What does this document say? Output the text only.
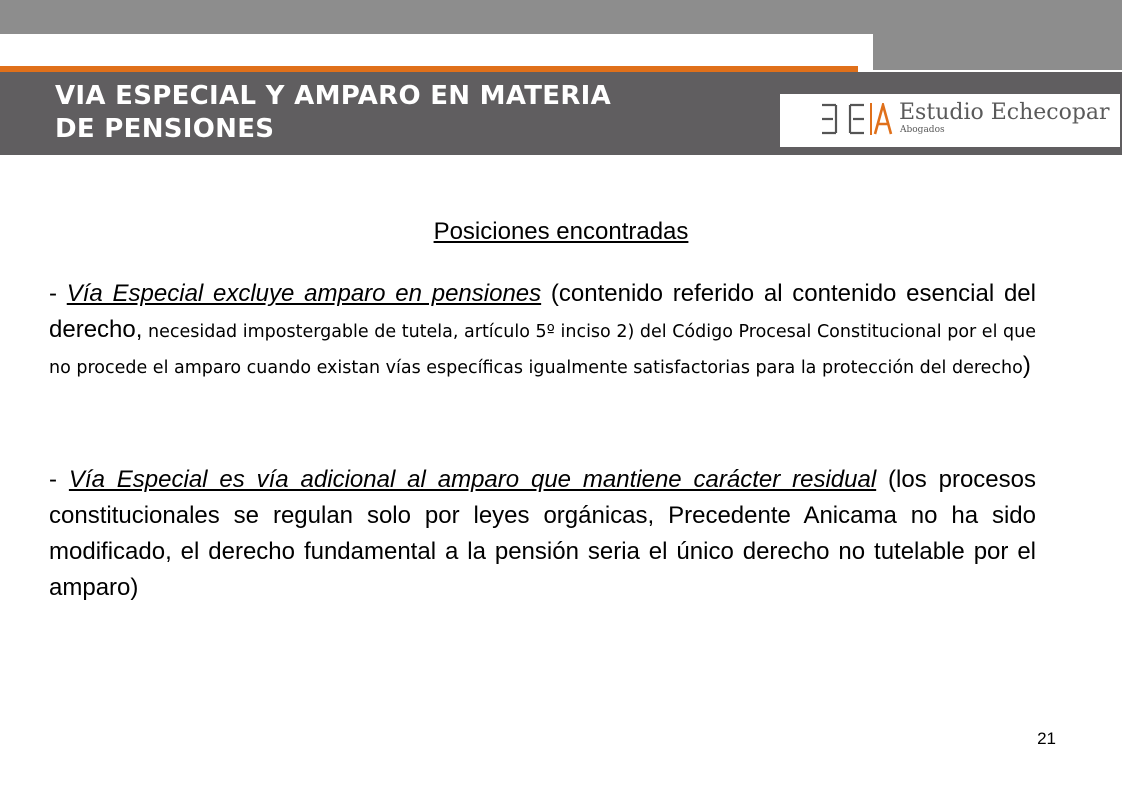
VIA ESPECIAL Y AMPARO EN MATERIA
DE PENSIONES
Estudio Echecopar
Abogados
Posiciones encontradas
- Vía Especial excluye amparo en pensiones (contenido referido al contenido esencial del derecho, necesidad impostergable de tutela, artículo 5º inciso 2) del Código Procesal Constitucional por el que no procede el amparo cuando existan vías específicas igualmente satisfactorias para la protección del derecho)
- Vía Especial es vía adicional al amparo que mantiene carácter residual (los procesos constitucionales se regulan solo por leyes orgánicas, Precedente Anicama no ha sido modificado, el derecho fundamental a la pensión seria el único derecho no tutelable por el amparo)
21
